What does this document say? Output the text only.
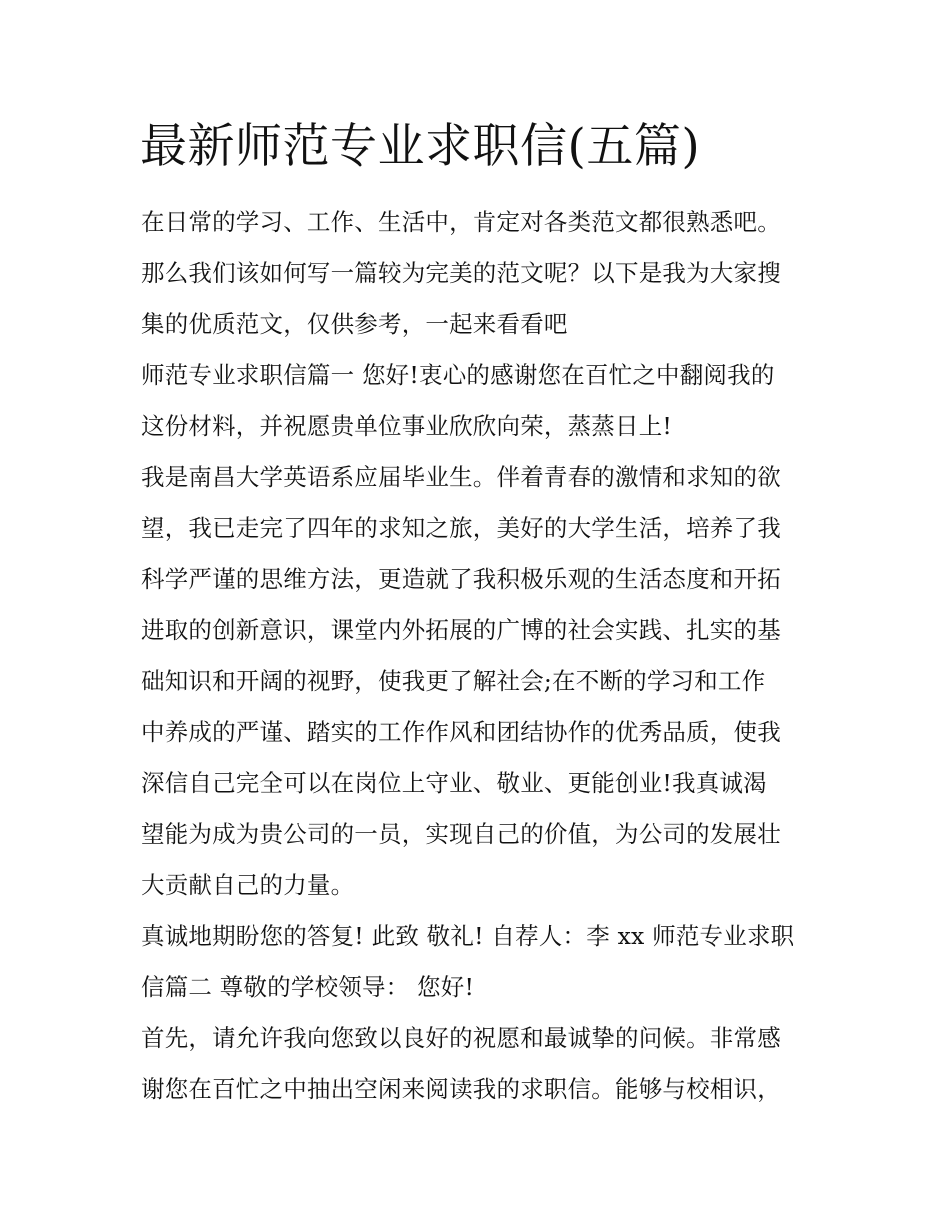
最新师范专业求职信(五篇)

在日常的学习、工作、生活中，肯定对各类范文都很熟悉吧。

那么我们该如何写一篇较为完美的范文呢？以下是我为大家搜

集的优质范文，仅供参考，一起来看看吧

师范专业求职信篇一 您好!衷心的感谢您在百忙之中翻阅我的

这份材料，并祝愿贵单位事业欣欣向荣，蒸蒸日上!

我是南昌大学英语系应届毕业生。伴着青春的激情和求知的欲

望，我已走完了四年的求知之旅，美好的大学生活，培养了我

科学严谨的思维方法，更造就了我积极乐观的生活态度和开拓

进取的创新意识，课堂内外拓展的广博的社会实践、扎实的基

础知识和开阔的视野，使我更了解社会;在不断的学习和工作

中养成的严谨、踏实的工作作风和团结协作的优秀品质，使我

深信自己完全可以在岗位上守业、敬业、更能创业!我真诚渴

望能为成为贵公司的一员，实现自己的价值，为公司的发展壮

大贡献自己的力量。

真诚地期盼您的答复! 此致 敬礼! 自荐人：李 xx 师范专业求职

信篇二 尊敬的学校领导： 您好!

首先，请允许我向您致以良好的祝愿和最诚挚的问候。非常感

谢您在百忙之中抽出空闲来阅读我的求职信。能够与校相识，
